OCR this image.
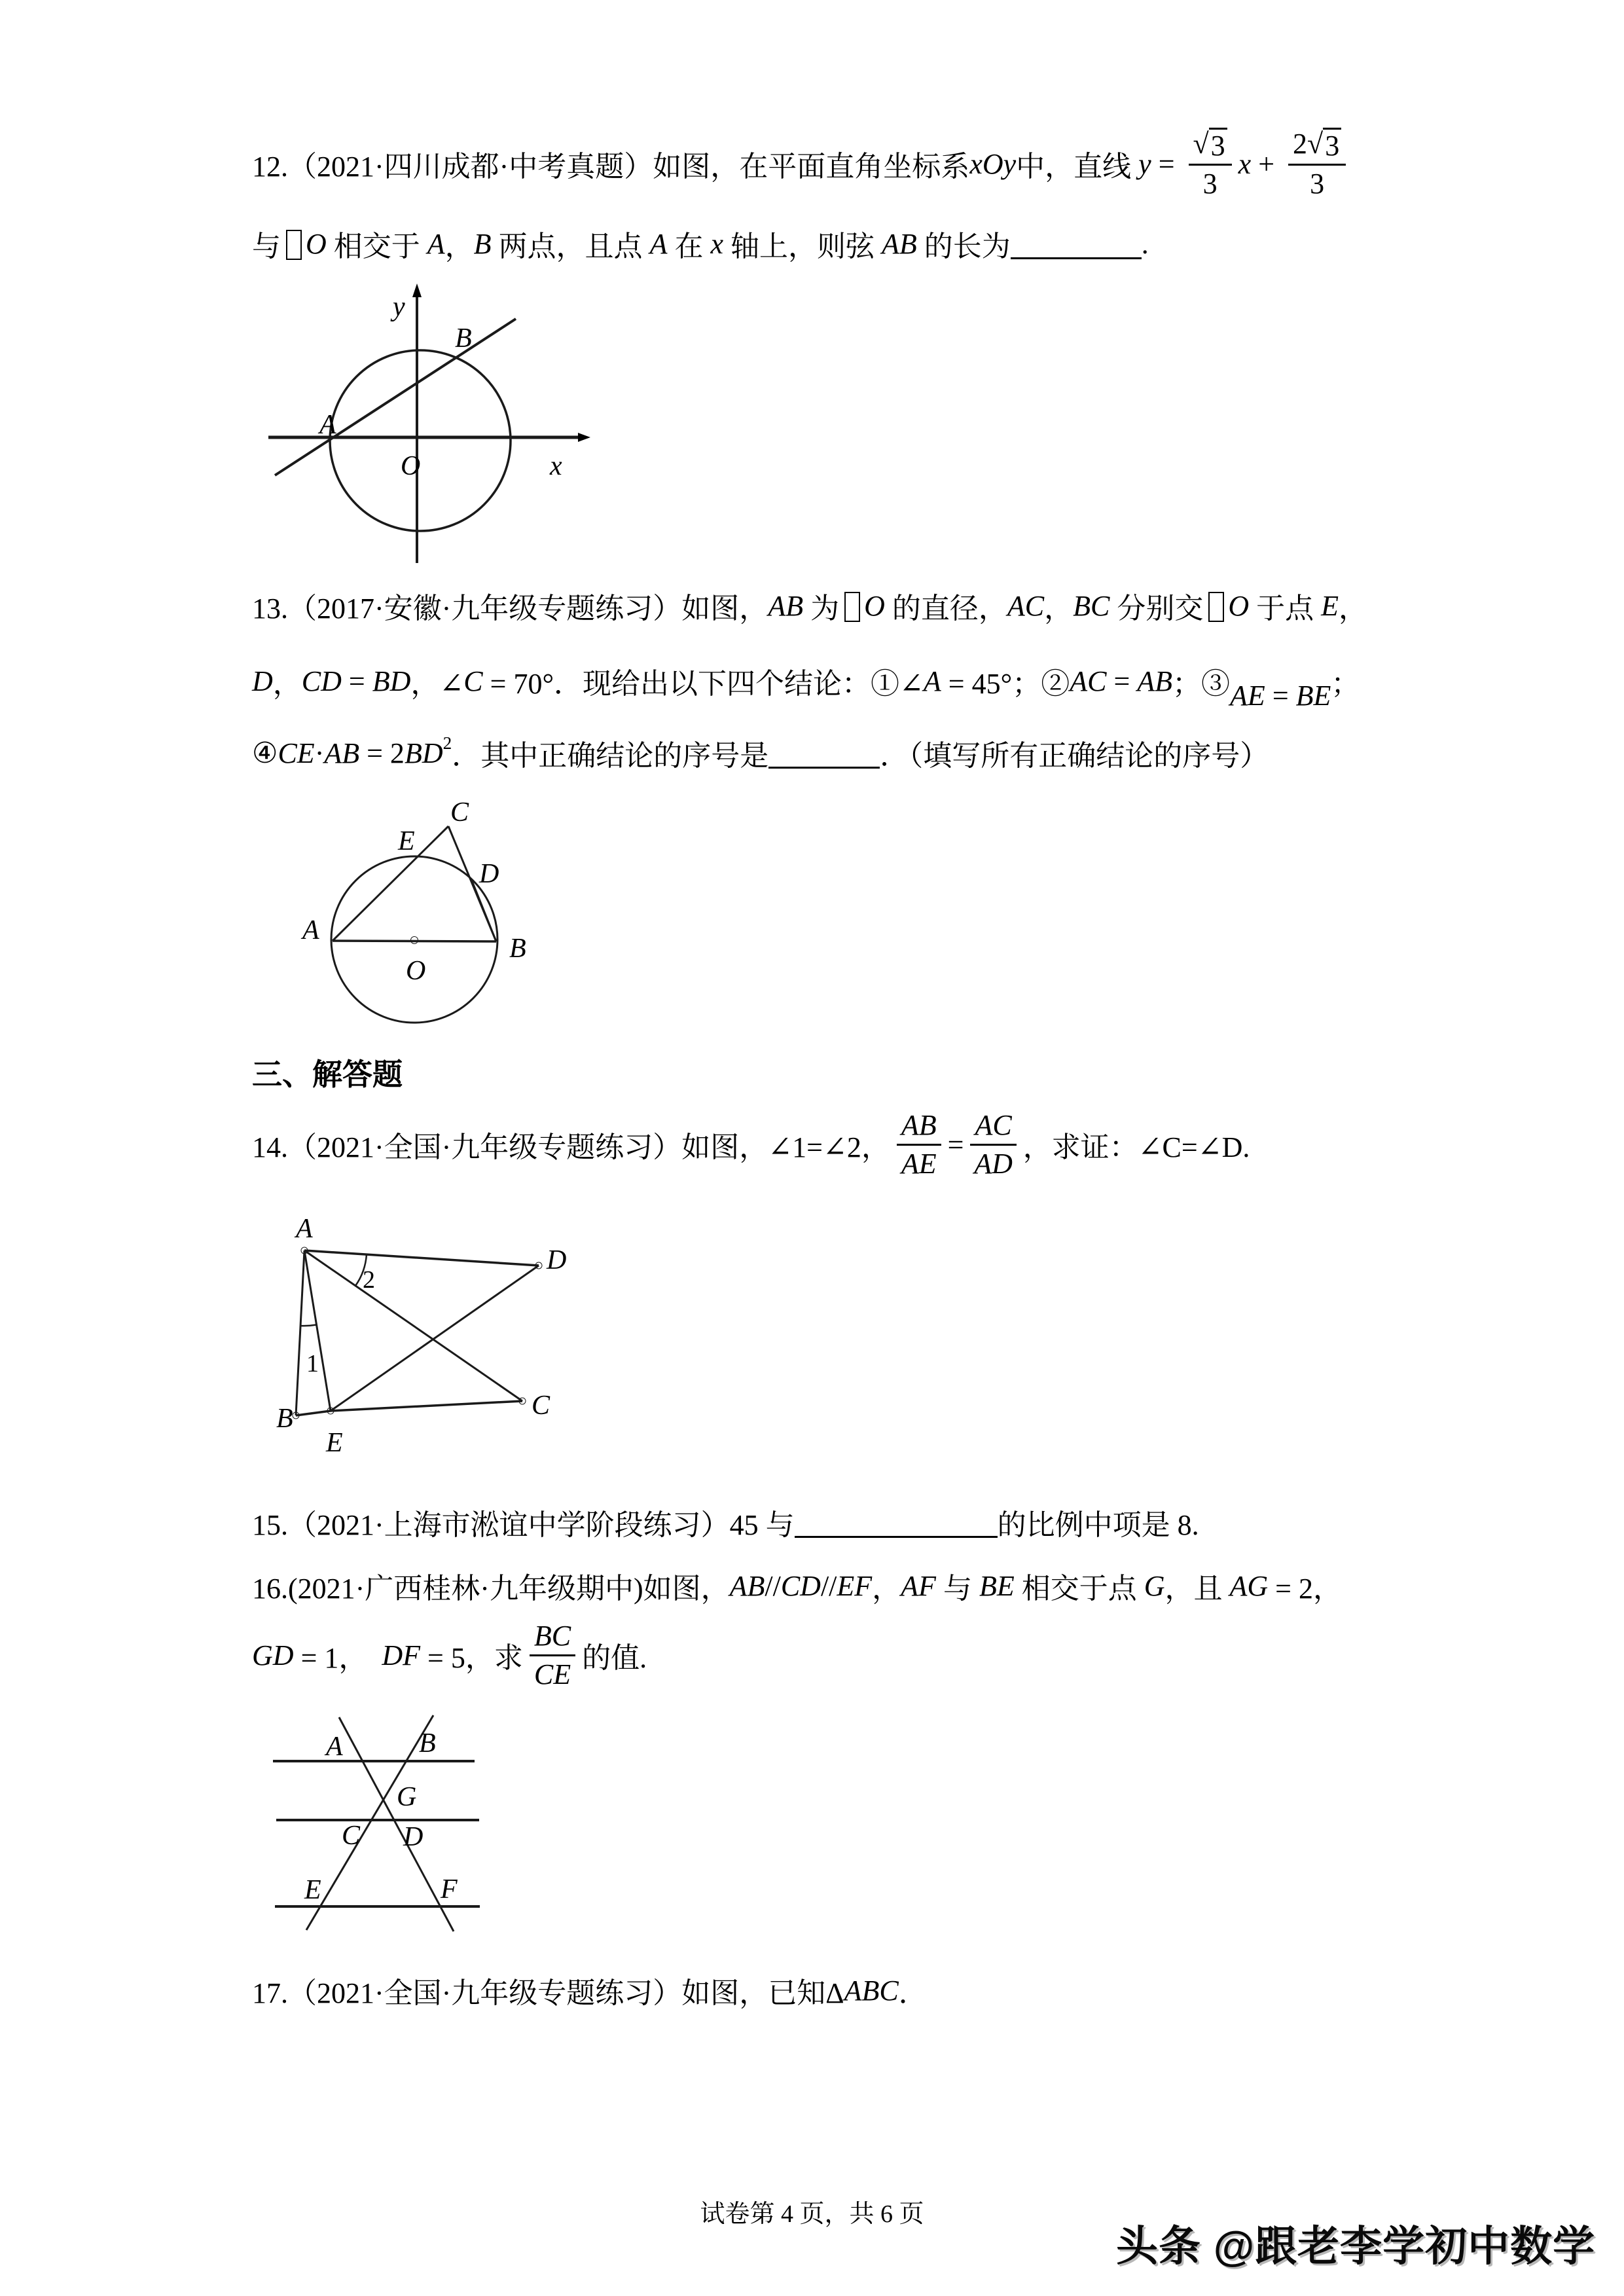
12.（2021·四川成都·中考真题）如图，在平面直角坐标系 xOy 中，直线 $y = \frac{√ 3}{3}$ $x + \frac{2 √ 3}{3}$
与 O 相交于 A ， B 两点，且点 A 在 x 轴上，则弦 AB 的长为	.
y
x
O
A
B
13.（2017·安徽·九年级专题练习）如图， AB 为 O 的直径， AC ， BC 分别交 O 于点 E ，
D ， CD = BD ，∠ C = 70°．现给出以下四个结论：①∠ A = 45°；② AC = AB ；③ AE = BE ；
④ CE · AB = 2 BD 2 ．其中正确结论的序号是	．（填写所有正确结论的序号）
A
B
C
D
E
O
三、解答题
14.（2021·全国·九年级专题练习）如图，∠1=∠2， $\frac{AB}{AE} = \frac{AC}{AD}$ ，求证：∠C=∠D.
A
D
B
E
C
1
2
15.（2021·上海市淞谊中学阶段练习）45 与	的比例中项是 8.
16.(2021·广西桂林·九年级期中)如图， AB // CD // EF ， AF 与 BE 相交于点 G ，且 AG = 2，
GD = 1， DF = 5，求 $\frac{BC}{CE}$ 的值.
A	B
G
C D
E	F
17.（2021·全国·九年级专题练习）如图，已知Δ ABC ．
试卷第 4 页，共 6 页
头条 @跟老李学初中数学
